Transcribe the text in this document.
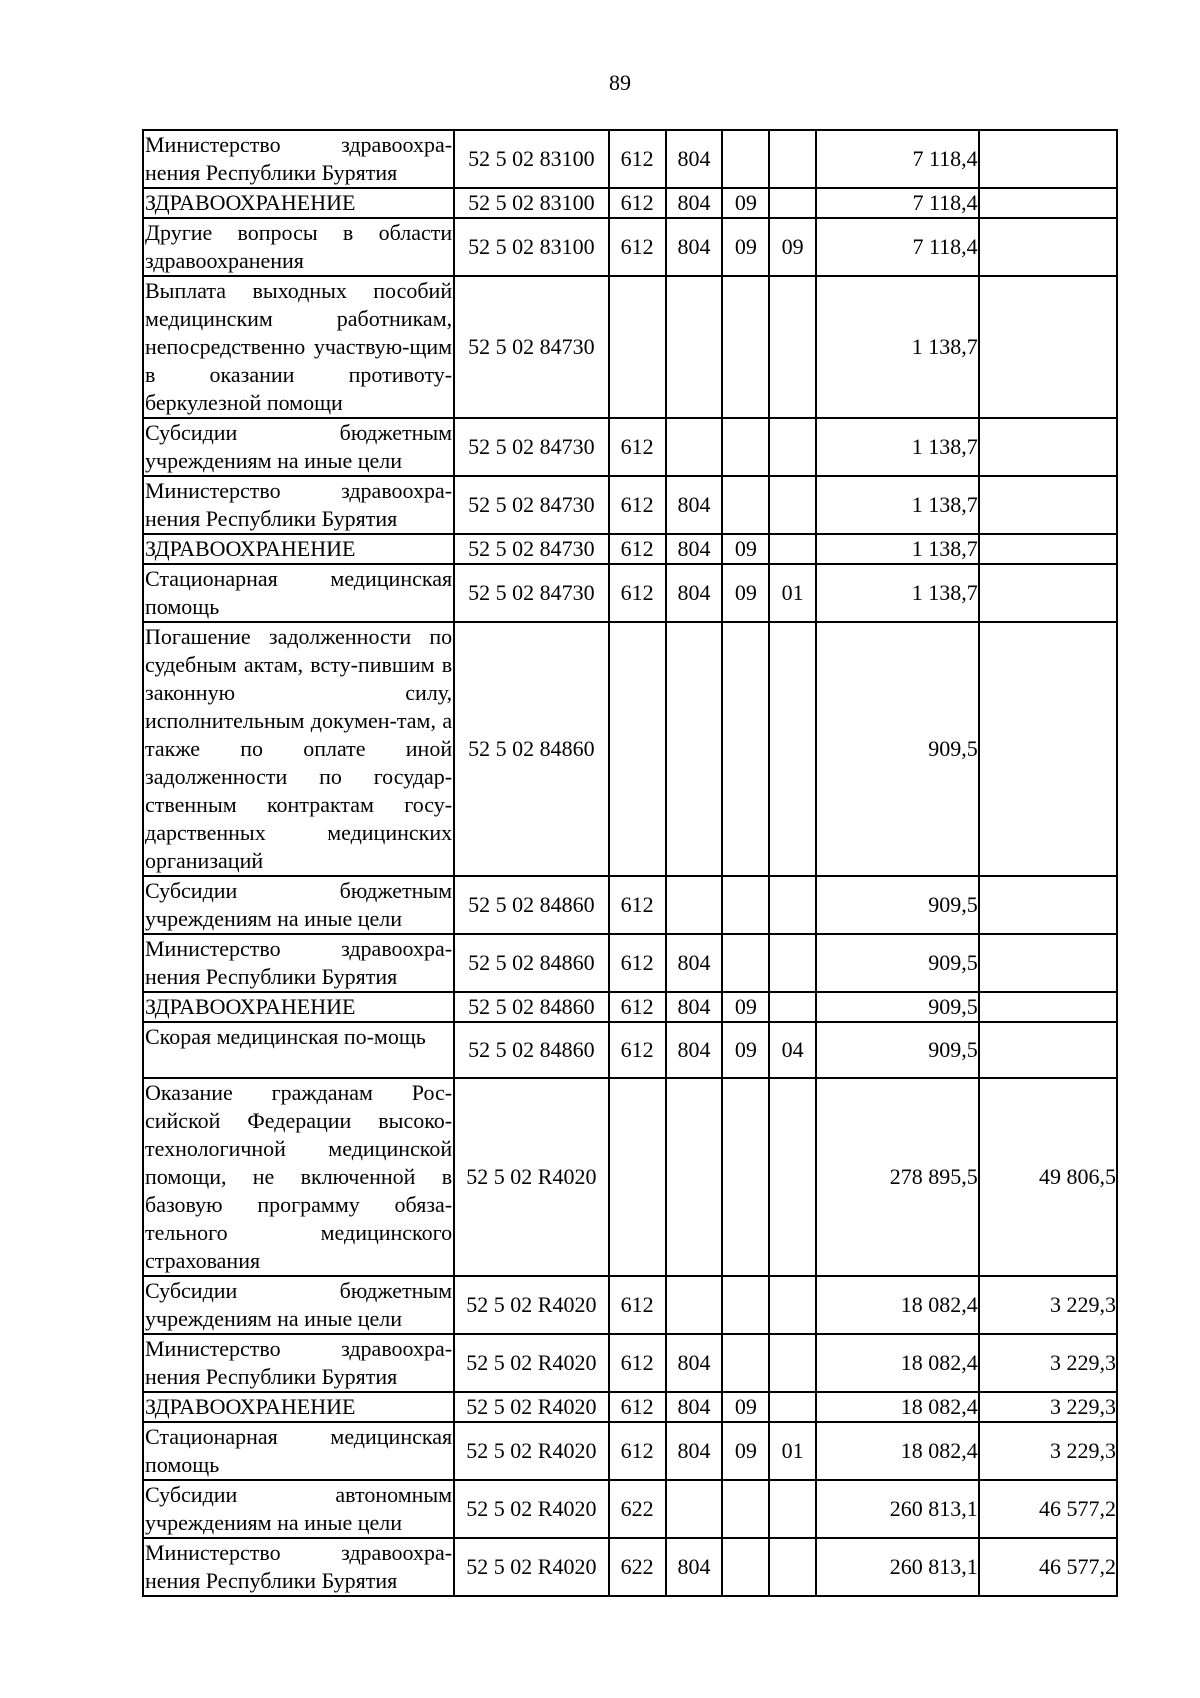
89
Министерство здравоохра-нения Республики Бурятия	52 5 02 83100	612	804			7 118,4	
ЗДРАВООХРАНЕНИЕ	52 5 02 83100	612	804	09		7 118,4	
Другие вопросы в области здравоохранения	52 5 02 83100	612	804	09	09	7 118,4	
Выплата выходных пособий медицинским работникам, непосредственно участвую-щим в оказании противоту-беркулезной помощи	52 5 02 84730					1 138,7	
Субсидии бюджетным учреждениям на иные цели	52 5 02 84730	612				1 138,7	
Министерство здравоохра-нения Республики Бурятия	52 5 02 84730	612	804			1 138,7	
ЗДРАВООХРАНЕНИЕ	52 5 02 84730	612	804	09		1 138,7	
Стационарная медицинская помощь	52 5 02 84730	612	804	09	01	1 138,7	
Погашение задолженности по судебным актам, всту-пившим в законную силу, исполнительным докумен-там, а также по оплате иной задолженности по государ-ственным контрактам госу-дарственных медицинских организаций	52 5 02 84860					909,5	
Субсидии бюджетным учреждениям на иные цели	52 5 02 84860	612				909,5	
Министерство здравоохра-нения Республики Бурятия	52 5 02 84860	612	804			909,5	
ЗДРАВООХРАНЕНИЕ	52 5 02 84860	612	804	09		909,5	
Скорая медицинская по-мощь	52 5 02 84860	612	804	09	04	909,5	
Оказание гражданам Рос-сийской Федерации высоко-технологичной медицинской помощи, не включенной в базовую программу обяза-тельного медицинского страхования	52 5 02 R4020					278 895,5	49 806,5
Субсидии бюджетным учреждениям на иные цели	52 5 02 R4020	612				18 082,4	3 229,3
Министерство здравоохра-нения Республики Бурятия	52 5 02 R4020	612	804			18 082,4	3 229,3
ЗДРАВООХРАНЕНИЕ	52 5 02 R4020	612	804	09		18 082,4	3 229,3
Стационарная медицинская помощь	52 5 02 R4020	612	804	09	01	18 082,4	3 229,3
Субсидии автономным учреждениям на иные цели	52 5 02 R4020	622				260 813,1	46 577,2
Министерство здравоохра-нения Республики Бурятия	52 5 02 R4020	622	804			260 813,1	46 577,2
